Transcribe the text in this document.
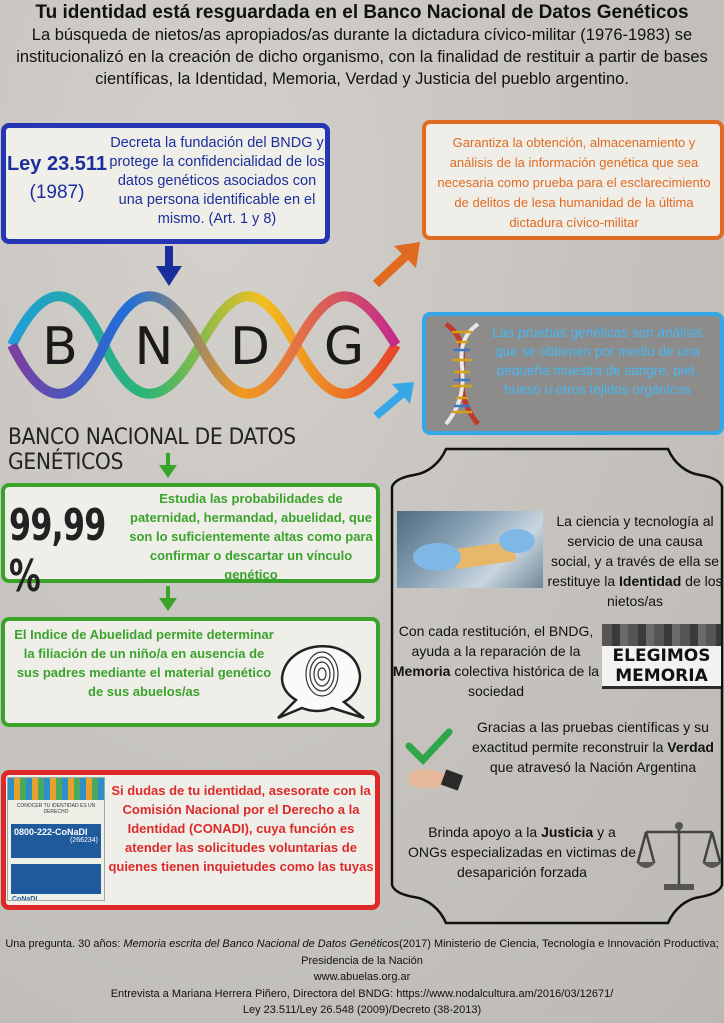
Tu identidad está resguardada en el Banco Nacional de Datos Genéticos
La búsqueda de nietos/as apropiados/as durante la dictadura cívico-militar (1976-1983) se institucionalizó en la creación de dicho organismo, con la finalidad de restituir a partir de bases científicas, la Identidad, Memoria, Verdad y Justicia del pueblo argentino.
Ley 23.511
(1987)
Decreta la fundación del BNDG y protege la confidencialidad de los datos genéticos asociados con una persona identificable en el mismo. (Art. 1 y 8)
Garantiza la obtención, almacenamiento y análisis de la información genética que sea necesaria como prueba para el esclarecimiento de delitos de lesa humanidad de la última dictadura cívico-militar
Las pruebas genéticas son análisis que se obtienen por medio de una pequeña muestra de sangre, piel, hueso u otros tejidos orgánicos
B N D G
BANCO NACIONAL DE DATOS GENÉTICOS
99,99 %
Estudia las probabilidades de paternidad, hermandad, abuelidad, que son lo suficientemente altas como para confirmar o descartar un vínculo genético
El Indice de Abuelidad permite determinar la filiación de un niño/a en ausencia de sus padres mediante el material genético de sus abuelos/as
CONOCER TU IDENTIDAD ES UN DERECHO
0800-222-CoNaDI
(266234)
CoNaDI
Si dudas de tu identidad, asesorate con la Comisión Nacional por el Derecho a la Identidad (CONADI), cuya función es atender las solicitudes voluntarias de quienes tienen inquietudes como las tuyas
La ciencia y tecnología al servicio de una causa social, y a través de ella se restituye la Identidad de los nietos/as
Con cada restitución, el BNDG, ayuda a la reparación de la Memoria colectiva histórica de la sociedad
ELEGIMOS
MEMORIA
Gracias a las pruebas científicas y su exactitud permite reconstruir la Verdad que atravesó la Nación Argentina
Brinda apoyo a la Justicia y a ONGs especializadas en victimas de desaparición forzada
Una pregunta. 30 años: Memoria escrita del Banco Nacional de Datos Genéticos(2017) Ministerio de Ciencia, Tecnología e Innovación Productiva; Presidencia de la Nación
www.abuelas.org.ar
Entrevista a Mariana Herrera Piñero, Directora del BNDG: https://www.nodalcultura.am/2016/03/12671/
Ley 23.511/Ley 26.548 (2009)/Decreto (38-2013)
